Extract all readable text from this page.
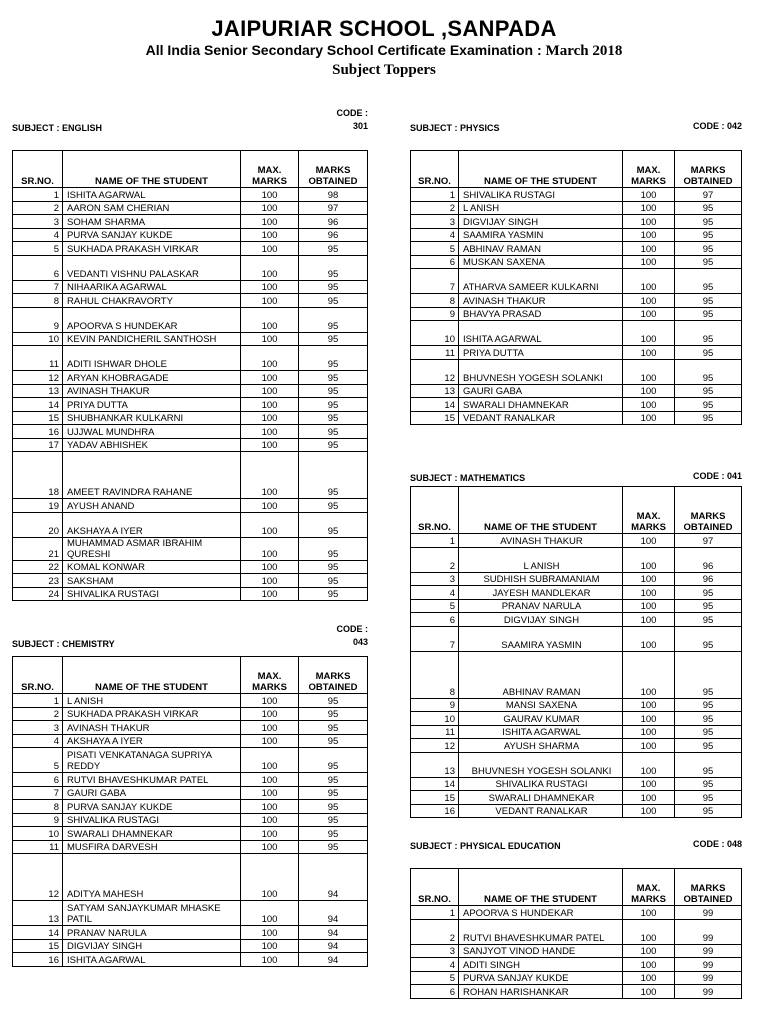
JAIPURIAR SCHOOL ,SANPADA
All India Senior Secondary School Certificate Examination : March 2018
Subject Toppers
SUBJECT : ENGLISH
CODE :
301
SR.NO.	NAME OF THE STUDENT	MAX. MARKS	MARKS OBTAINED
1	ISHITA AGARWAL	100	98
2	AARON SAM CHERIAN	100	97
3	SOHAM SHARMA	100	96
4	PURVA SANJAY KUKDE	100	96
5	SUKHADA PRAKASH VIRKAR	100	95
6	VEDANTI VISHNU PALASKAR	100	95
7	NIHAARIKA AGARWAL	100	95
8	RAHUL CHAKRAVORTY	100	95
9	APOORVA S HUNDEKAR	100	95
10	KEVIN PANDICHERIL SANTHOSH	100	95
11	ADITI ISHWAR DHOLE	100	95
12	ARYAN KHOBRAGADE	100	95
13	AVINASH THAKUR	100	95
14	PRIYA DUTTA	100	95
15	SHUBHANKAR KULKARNI	100	95
16	UJJWAL MUNDHRA	100	95
17	YADAV ABHISHEK	100	95
18	AMEET RAVINDRA RAHANE	100	95
19	AYUSH ANAND	100	95
20	AKSHAYA A IYER	100	95
21	MUHAMMAD ASMAR IBRAHIM QURESHI	100	95
22	KOMAL KONWAR	100	95
23	SAKSHAM	100	95
24	SHIVALIKA RUSTAGI	100	95
SUBJECT : CHEMISTRY
CODE :
043
SR.NO.	NAME OF THE STUDENT	MAX. MARKS	MARKS OBTAINED
1	L ANISH	100	95
2	SUKHADA PRAKASH VIRKAR	100	95
3	AVINASH THAKUR	100	95
4	AKSHAYA A IYER	100	95
5	PISATI VENKATANAGA SUPRIYA REDDY	100	95
6	RUTVI BHAVESHKUMAR PATEL	100	95
7	GAURI GABA	100	95
8	PURVA SANJAY KUKDE	100	95
9	SHIVALIKA RUSTAGI	100	95
10	SWARALI DHAMNEKAR	100	95
11	MUSFIRA DARVESH	100	95
12	ADITYA MAHESH	100	94
13	SATYAM SANJAYKUMAR MHASKE PATIL	100	94
14	PRANAV NARULA	100	94
15	DIGVIJAY SINGH	100	94
16	ISHITA AGARWAL	100	94
SUBJECT : PHYSICS	CODE : 042
SR.NO.	NAME OF THE STUDENT	MAX. MARKS	MARKS OBTAINED
1	SHIVALIKA RUSTAGI	100	97
2	L ANISH	100	95
3	DIGVIJAY SINGH	100	95
4	SAAMIRA YASMIN	100	95
5	ABHINAV RAMAN	100	95
6	MUSKAN SAXENA	100	95
7	ATHARVA SAMEER KULKARNI	100	95
8	AVINASH THAKUR	100	95
9	BHAVYA PRASAD	100	95
10	ISHITA AGARWAL	100	95
11	PRIYA DUTTA	100	95
12	BHUVNESH YOGESH SOLANKI	100	95
13	GAURI GABA	100	95
14	SWARALI DHAMNEKAR	100	95
15	VEDANT RANALKAR	100	95
SUBJECT : MATHEMATICS	CODE : 041
SR.NO.	NAME OF THE STUDENT	MAX. MARKS	MARKS OBTAINED
1	AVINASH THAKUR	100	97
2	L ANISH	100	96
3	SUDHISH SUBRAMANIAM	100	96
4	JAYESH MANDLEKAR	100	95
5	PRANAV NARULA	100	95
6	DIGVIJAY SINGH	100	95
7	SAAMIRA YASMIN	100	95
8	ABHINAV RAMAN	100	95
9	MANSI SAXENA	100	95
10	GAURAV KUMAR	100	95
11	ISHITA AGARWAL	100	95
12	AYUSH SHARMA	100	95
13	BHUVNESH YOGESH SOLANKI	100	95
14	SHIVALIKA RUSTAGI	100	95
15	SWARALI DHAMNEKAR	100	95
16	VEDANT RANALKAR	100	95
SUBJECT : PHYSICAL EDUCATION	CODE : 048
SR.NO.	NAME OF THE STUDENT	MAX. MARKS	MARKS OBTAINED
1	APOORVA S HUNDEKAR	100	99
2	RUTVI BHAVESHKUMAR PATEL	100	99
3	SANJYOT VINOD HANDE	100	99
4	ADITI SINGH	100	99
5	PURVA SANJAY KUKDE	100	99
6	ROHAN HARISHANKAR	100	99
